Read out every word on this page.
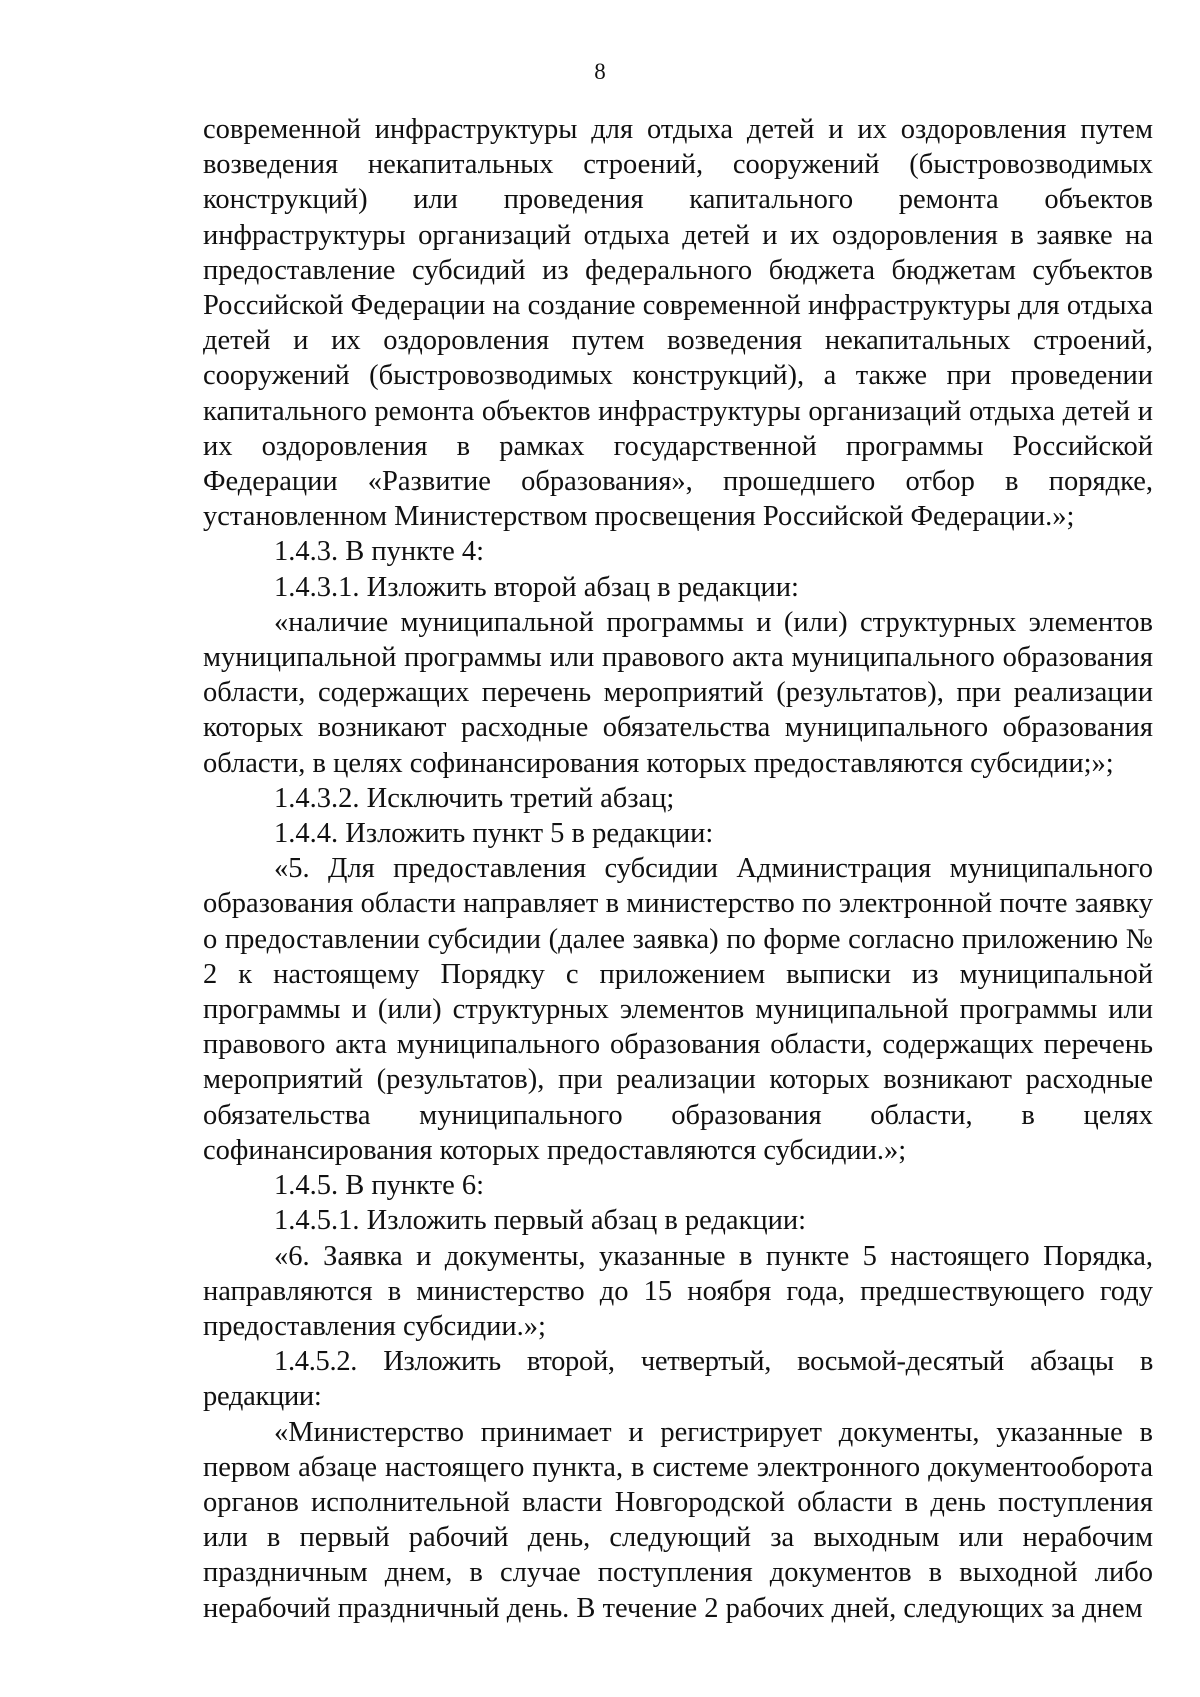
8

современной инфраструктуры для отдыха детей и их оздоровления путем возведения некапитальных строений, сооружений (быстровозводимых конструкций) или проведения капитального ремонта объектов инфраструктуры организаций отдыха детей и их оздоровления в заявке на предоставление субсидий из федерального бюджета бюджетам субъектов Российской Федерации на создание современной инфраструктуры для отдыха детей и их оздоровления путем возведения некапитальных строений, сооружений (быстровозводимых конструкций), а также при проведении капитального ремонта объектов инфраструктуры организаций отдыха детей и их оздоровления в рамках государственной программы Российской Федерации «Развитие образования», прошедшего отбор в порядке, установленном Министерством просвещения Российской Федерации.»;

1.4.3. В пункте 4:

1.4.3.1. Изложить второй абзац в редакции:

«наличие муниципальной программы и (или) структурных элементов муниципальной программы или правового акта муниципального образования области, содержащих перечень мероприятий (результатов), при реализации которых возникают расходные обязательства муниципального образования области, в целях софинансирования которых предоставляются субсидии;»;

1.4.3.2. Исключить третий абзац;

1.4.4. Изложить пункт 5 в редакции:

«5. Для предоставления субсидии Администрация муниципального образования области направляет в министерство по электронной почте заявку о предоставлении субсидии (далее заявка) по форме согласно приложению № 2 к настоящему Порядку с приложением выписки из муниципальной программы и (или) структурных элементов муниципальной программы или правового акта муниципального образования области, содержащих перечень мероприятий (результатов), при реализации которых возникают расходные обязательства муниципального образования области, в целях софинансирования которых предоставляются субсидии.»;

1.4.5. В пункте 6:

1.4.5.1. Изложить первый абзац в редакции:

«6. Заявка и документы, указанные в пункте 5 настоящего Порядка, направляются в министерство до 15 ноября года, предшествующего году предоставления субсидии.»;

1.4.5.2. Изложить второй, четвертый, восьмой-десятый абзацы в редакции:

«Министерство принимает и регистрирует документы, указанные в первом абзаце настоящего пункта, в системе электронного документооборота органов исполнительной власти Новгородской области в день поступления или в первый рабочий день, следующий за выходным или нерабочим праздничным днем, в случае поступления документов в выходной либо нерабочий праздничный день. В течение 2 рабочих дней, следующих за днем
